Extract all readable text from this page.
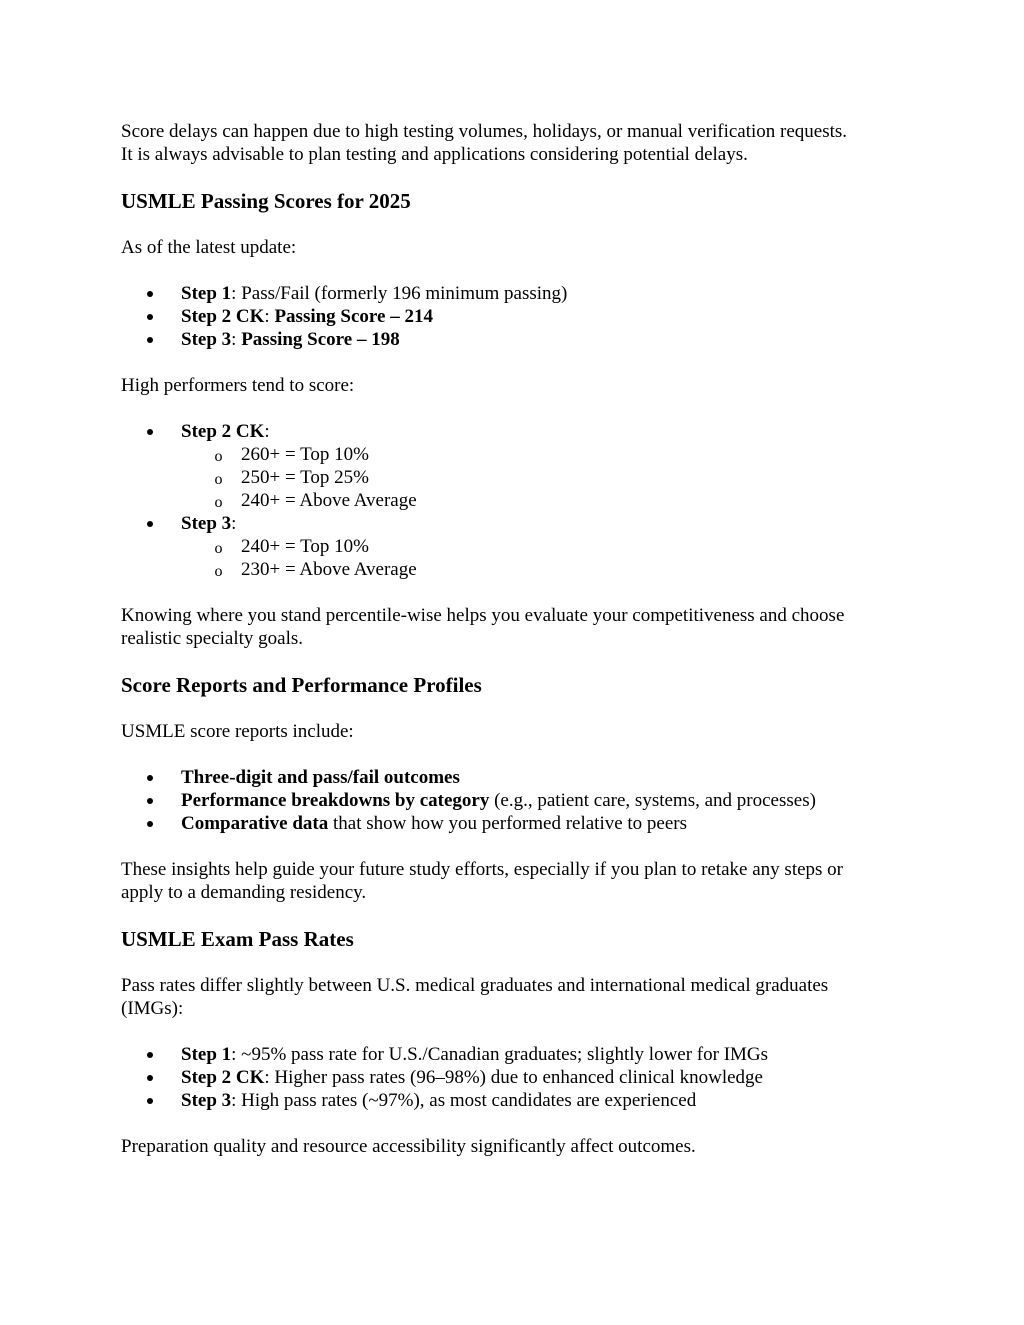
Score delays can happen due to high testing volumes, holidays, or manual verification requests.
It is always advisable to plan testing and applications considering potential delays.

USMLE Passing Scores for 2025

As of the latest update:

Step 1: Pass/Fail (formerly 196 minimum passing)
Step 2 CK: Passing Score – 214
Step 3: Passing Score – 198

High performers tend to score:

Step 2 CK:
o 260+ = Top 10%
o 250+ = Top 25%
o 240+ = Above Average
Step 3:
o 240+ = Top 10%
o 230+ = Above Average

Knowing where you stand percentile-wise helps you evaluate your competitiveness and choose
realistic specialty goals.

Score Reports and Performance Profiles

USMLE score reports include:

Three-digit and pass/fail outcomes
Performance breakdowns by category (e.g., patient care, systems, and processes)
Comparative data that show how you performed relative to peers

These insights help guide your future study efforts, especially if you plan to retake any steps or
apply to a demanding residency.

USMLE Exam Pass Rates

Pass rates differ slightly between U.S. medical graduates and international medical graduates
(IMGs):

Step 1: ~95% pass rate for U.S./Canadian graduates; slightly lower for IMGs
Step 2 CK: Higher pass rates (96–98%) due to enhanced clinical knowledge
Step 3: High pass rates (~97%), as most candidates are experienced

Preparation quality and resource accessibility significantly affect outcomes.
